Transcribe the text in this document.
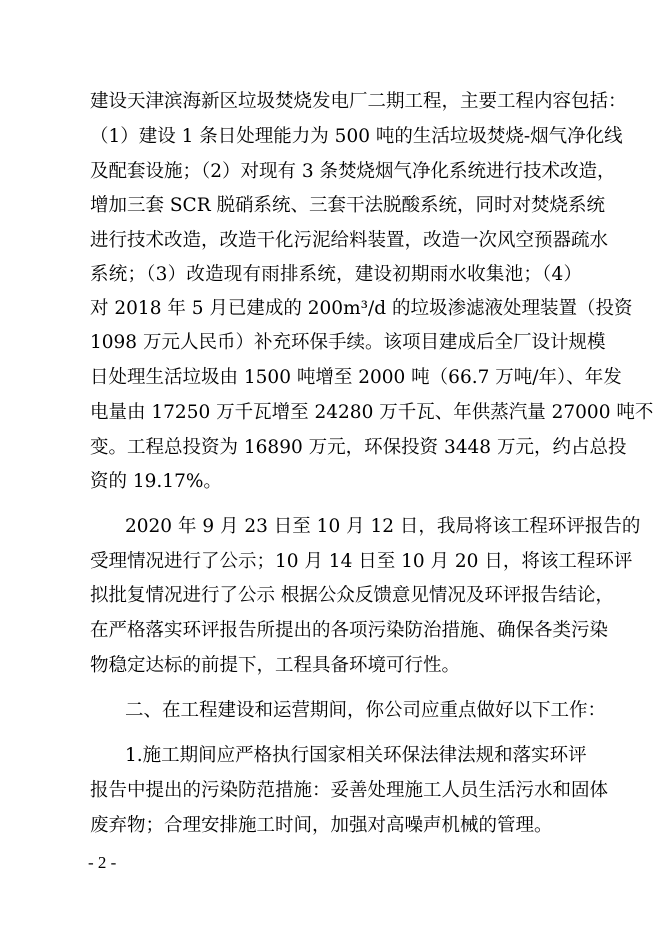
建设天津滨海新区垃圾焚烧发电厂二期工程，主要工程内容包括：
（1）建设 1 条日处理能力为 500 吨的生活垃圾焚烧-烟气净化线
及配套设施；（2）对现有 3 条焚烧烟气净化系统进行技术改造，
增加三套 SCR 脱硝系统、三套干法脱酸系统，同时对焚烧系统
进行技术改造，改造干化污泥给料装置，改造一次风空预器疏水
系统；（3）改造现有雨排系统，建设初期雨水收集池；（4）
对 2018 年 5 月已建成的 200m³/d 的垃圾渗滤液处理装置（投资
1098 万元人民币）补充环保手续。该项目建成后全厂设计规模
日处理生活垃圾由 1500 吨增至 2000 吨（66.7 万吨/年）、年发
电量由 17250 万千瓦增至 24280 万千瓦、年供蒸汽量 27000 吨不
变。工程总投资为 16890 万元，环保投资 3448 万元，约占总投
资的 19.17%。
2020 年 9 月 23 日至 10 月 12 日，我局将该工程环评报告的
受理情况进行了公示；10 月 14 日至 10 月 20 日，将该工程环评
拟批复情况进行了公示 根据公众反馈意见情况及环评报告结论，
在严格落实环评报告所提出的各项污染防治措施、确保各类污染
物稳定达标的前提下，工程具备环境可行性。
二、在工程建设和运营期间，你公司应重点做好以下工作：
1.施工期间应严格执行国家相关环保法律法规和落实环评
报告中提出的污染防范措施：妥善处理施工人员生活污水和固体
废弃物；合理安排施工时间，加强对高噪声机械的管理。
- 2 -
